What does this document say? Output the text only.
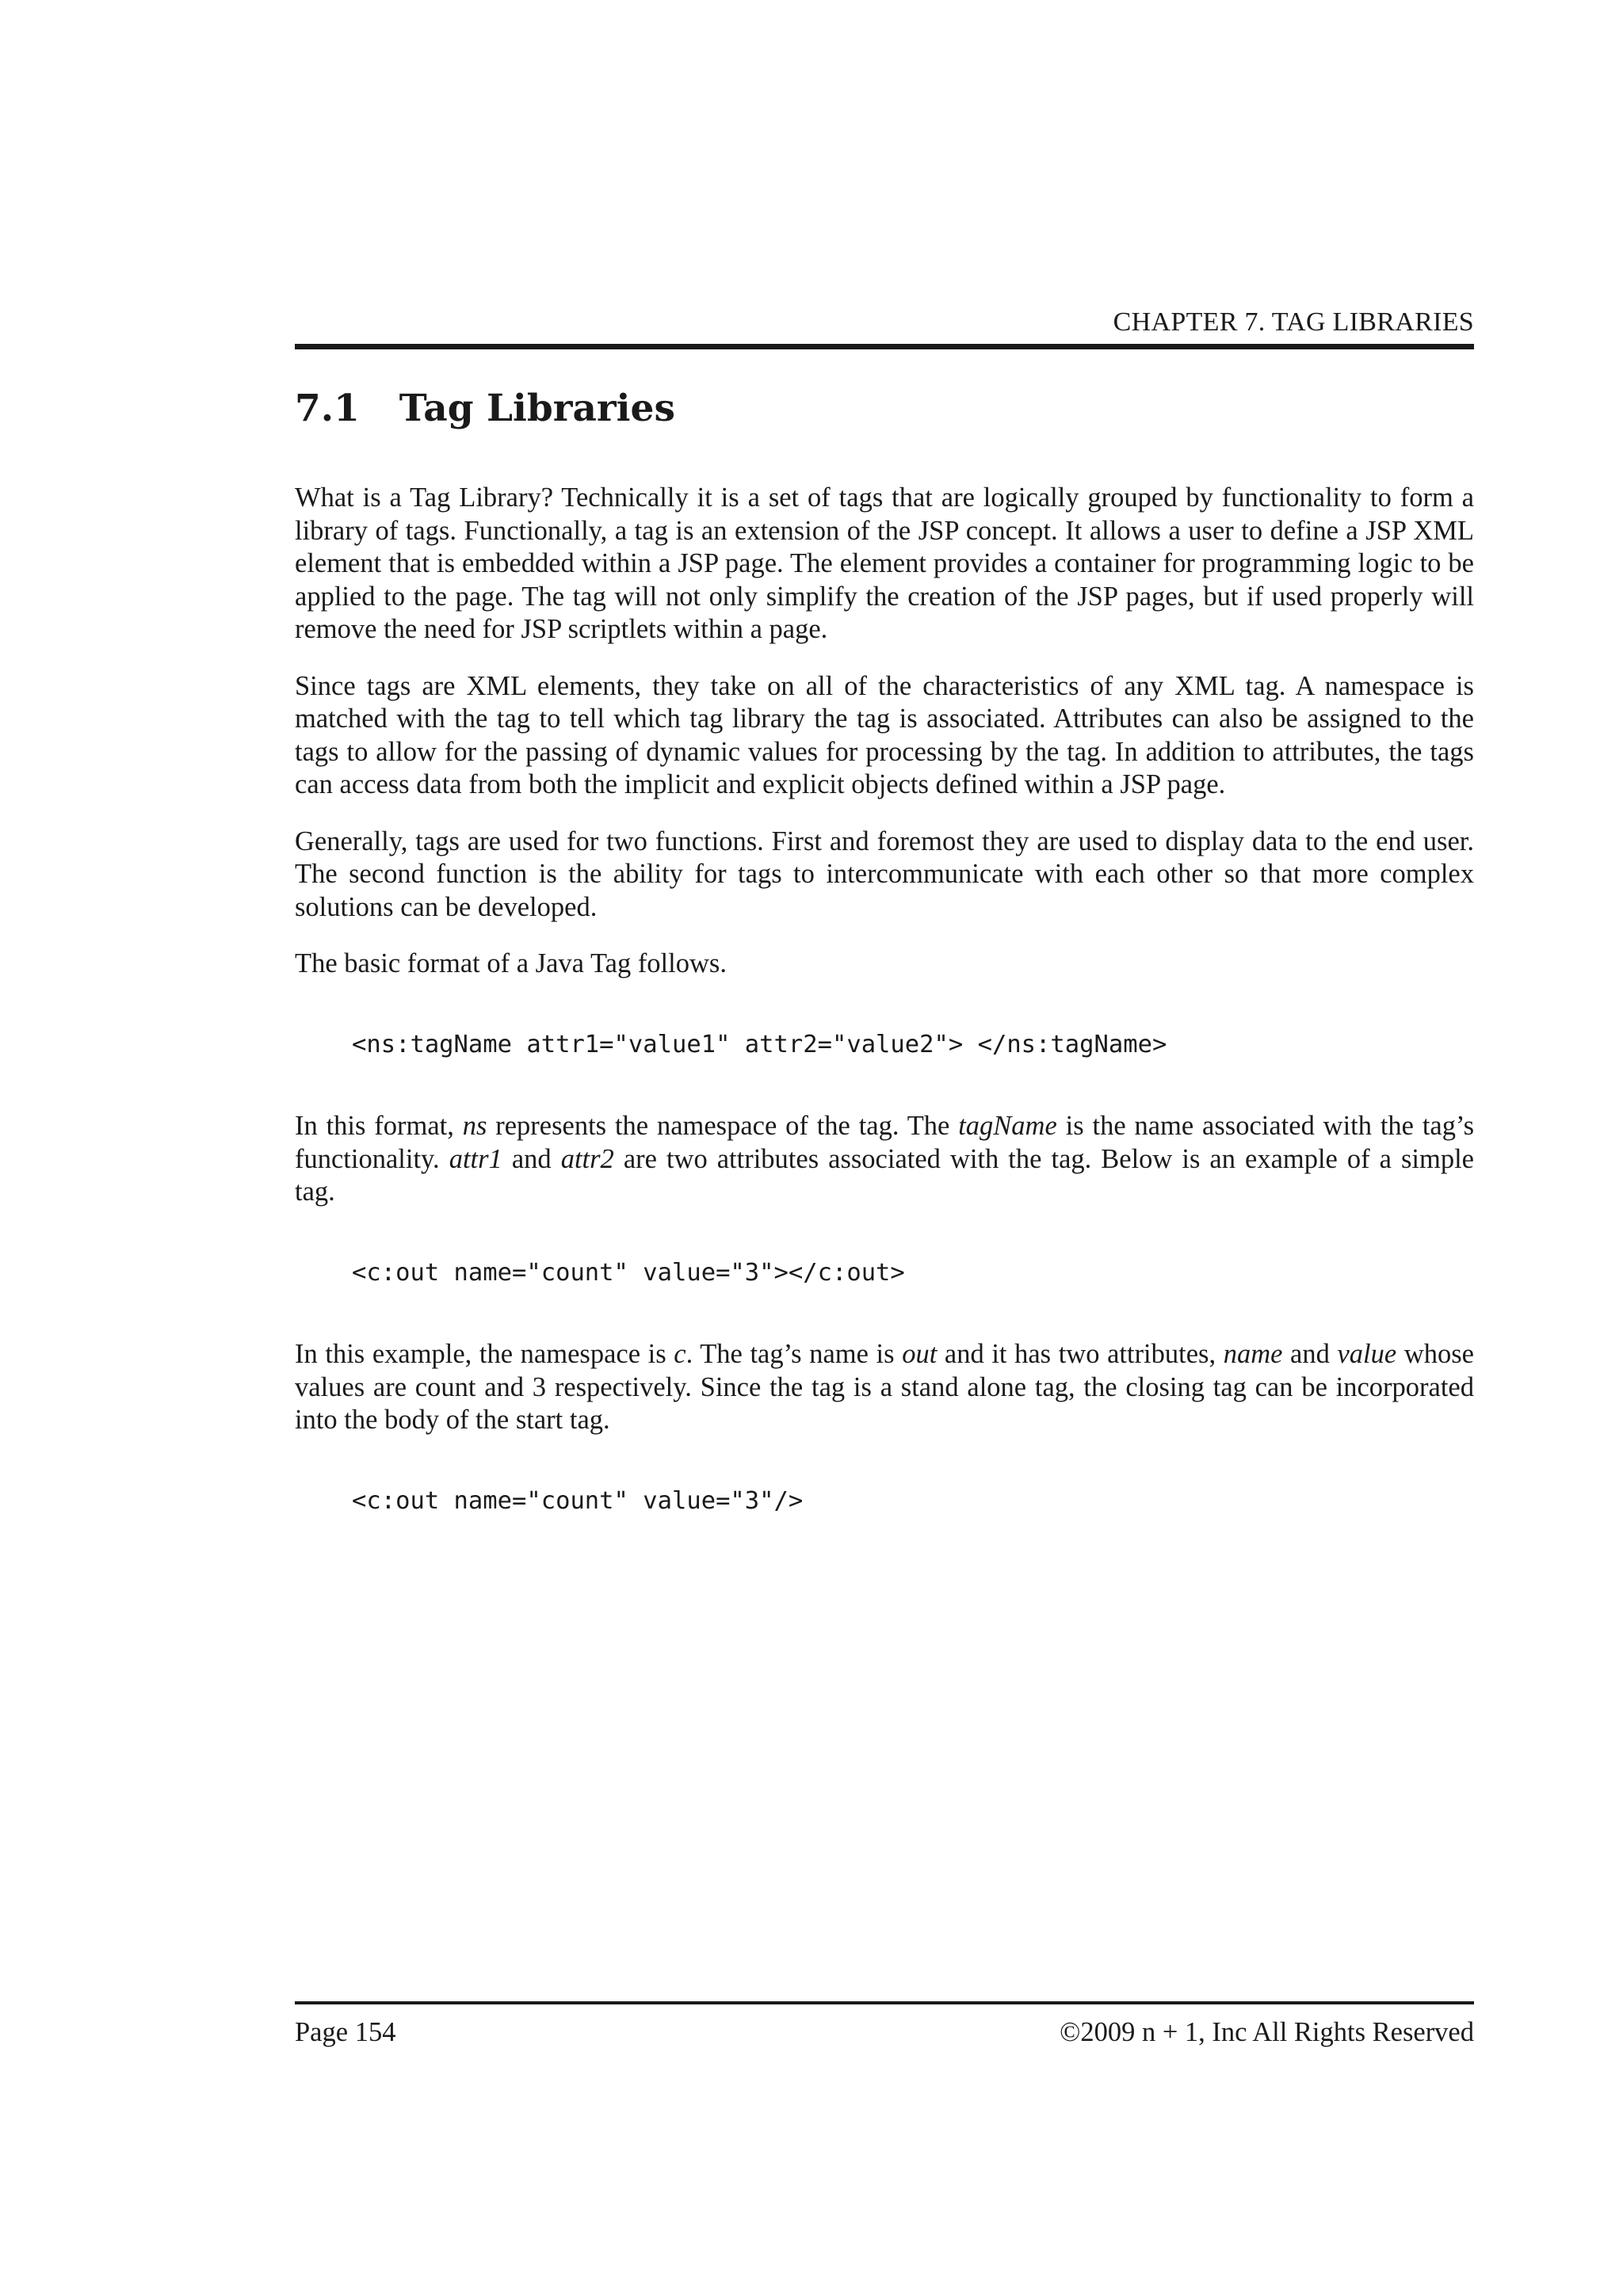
CHAPTER 7. TAG LIBRARIES
7.1 Tag Libraries

What is a Tag Library? Technically it is a set of tags that are logically grouped by functionality to form a library of tags. Functionally, a tag is an extension of the JSP concept. It allows a user to define a JSP XML element that is embedded within a JSP page. The element provides a container for programming logic to be applied to the page. The tag will not only simplify the creation of the JSP pages, but if used properly will remove the need for JSP scriptlets within a page.

Since tags are XML elements, they take on all of the characteristics of any XML tag. A namespace is matched with the tag to tell which tag library the tag is associated. Attributes can also be assigned to the tags to allow for the passing of dynamic values for processing by the tag. In addition to attributes, the tags can access data from both the implicit and explicit objects defined within a JSP page.

Generally, tags are used for two functions. First and foremost they are used to display data to the end user. The second function is the ability for tags to intercommunicate with each other so that more complex solutions can be developed.

The basic format of a Java Tag follows.

<ns:tagName attr1="value1" attr2="value2"> </ns:tagName>

In this format, ns represents the namespace of the tag. The tagName is the name associated with the tag’s functionality. attr1 and attr2 are two attributes associated with the tag. Below is an example of a simple tag.

<c:out name="count" value="3"></c:out>

In this example, the namespace is c. The tag’s name is out and it has two attributes, name and value whose values are count and 3 respectively. Since the tag is a stand alone tag, the closing tag can be incorporated into the body of the start tag.

<c:out name="count" value="3"/>
Page 154	©2009 n + 1, Inc All Rights Reserved
